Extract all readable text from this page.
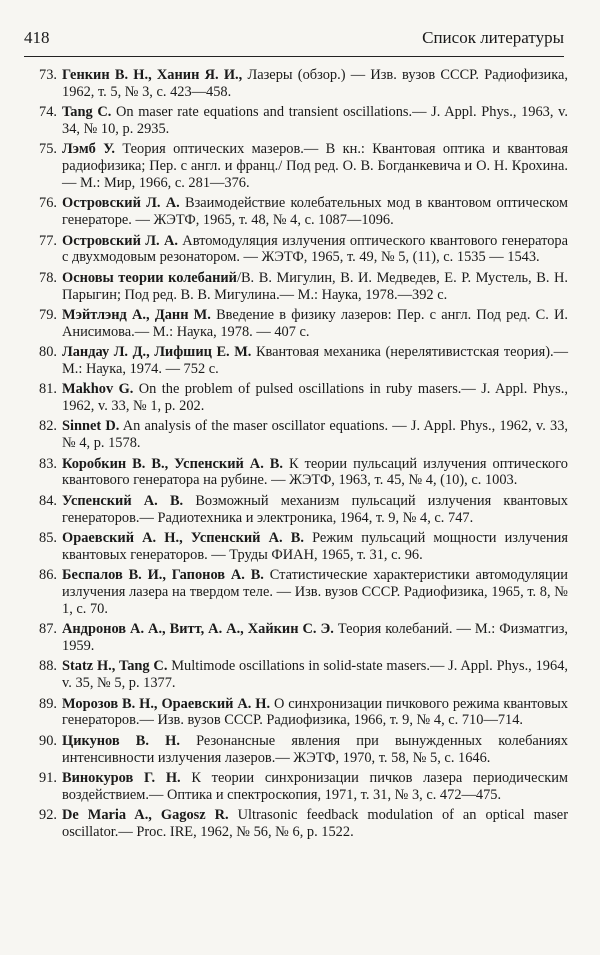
418	Список литературы
73. Генкин В. Н., Ханин Я. И., Лазеры (обзор.) — Изв. вузов СССР. Радиофизика, 1962, т. 5, № 3, с. 423—458.
74. Tang C. On maser rate equations and transient oscillations.— J. Appl. Phys., 1963, v. 34, № 10, p. 2935.
75. Лэмб У. Теория оптических мазеров.— В кн.: Квантовая оптика и квантовая радиофизика; Пер. с англ. и франц./ Под ред. О. В. Богданкевича и О. Н. Крохина. — М.: Мир, 1966, с. 281—376.
76. Островский Л. А. Взаимодействие колебательных мод в квантовом оптическом генераторе. — ЖЭТФ, 1965, т. 48, № 4, с. 1087—1096.
77. Островский Л. А. Автомодуляция излучения оптического квантового генератора с двухмодовым резонатором. — ЖЭТФ, 1965, т. 49, № 5, (11), с. 1535 — 1543.
78. Основы теории колебаний/В. В. Мигулин, В. И. Медведев, Е. Р. Мустель, В. Н. Парыгин; Под ред. В. В. Мигулина.— М.: Наука, 1978.—392 с.
79. Мэйтлэнд А., Данн М. Введение в физику лазеров: Пер. с англ. Под ред. С. И. Анисимова.— М.: Наука, 1978. — 407 с.
80. Ландау Л. Д., Лифшиц Е. М. Квантовая механика (нерелятивистская теория).— М.: Наука, 1974. — 752 с.
81. Makhov G. On the problem of pulsed oscillations in ruby masers.— J. Appl. Phys., 1962, v. 33, № 1, p. 202.
82. Sinnet D. An analysis of the maser oscillator equations. — J. Appl. Phys., 1962, v. 33, № 4, p. 1578.
83. Коробкин В. В., Успенский А. В. К теории пульсаций излучения оптического квантового генератора на рубине. — ЖЭТФ, 1963, т. 45, № 4, (10), с. 1003.
84. Успенский А. В. Возможный механизм пульсаций излучения квантовых генераторов.— Радиотехника и электроника, 1964, т. 9, № 4, с. 747.
85. Ораевский А. Н., Успенский А. В. Режим пульсаций мощности излучения квантовых генераторов. — Труды ФИАН, 1965, т. 31, с. 96.
86. Беспалов В. И., Гапонов А. В. Статистические характеристики автомодуляции излучения лазера на твердом теле. — Изв. вузов СССР. Радиофизика, 1965, т. 8, № 1, с. 70.
87. Андронов А. А., Витт, А. А., Хайкин С. Э. Теория колебаний. — М.: Физматгиз, 1959.
88. Statz H., Tang C. Multimode oscillations in solid-state masers.— J. Appl. Phys., 1964, v. 35, № 5, p. 1377.
89. Морозов В. Н., Ораевский А. Н. О синхронизации пичкового режима квантовых генераторов.— Изв. вузов СССР. Радиофизика, 1966, т. 9, № 4, с. 710—714.
90. Цикунов В. Н. Резонансные явления при вынужденных колебаниях интенсивности излучения лазеров.— ЖЭТФ, 1970, т. 58, № 5, с. 1646.
91. Винокуров Г. Н. К теории синхронизации пичков лазера периодическим воздействием.— Оптика и спектроскопия, 1971, т. 31, № 3, с. 472—475.
92. De Maria A., Gagosz R. Ultrasonic feedback modulation of an optical maser oscillator.— Proc. IRE, 1962, № 56, № 6, p. 1522.
